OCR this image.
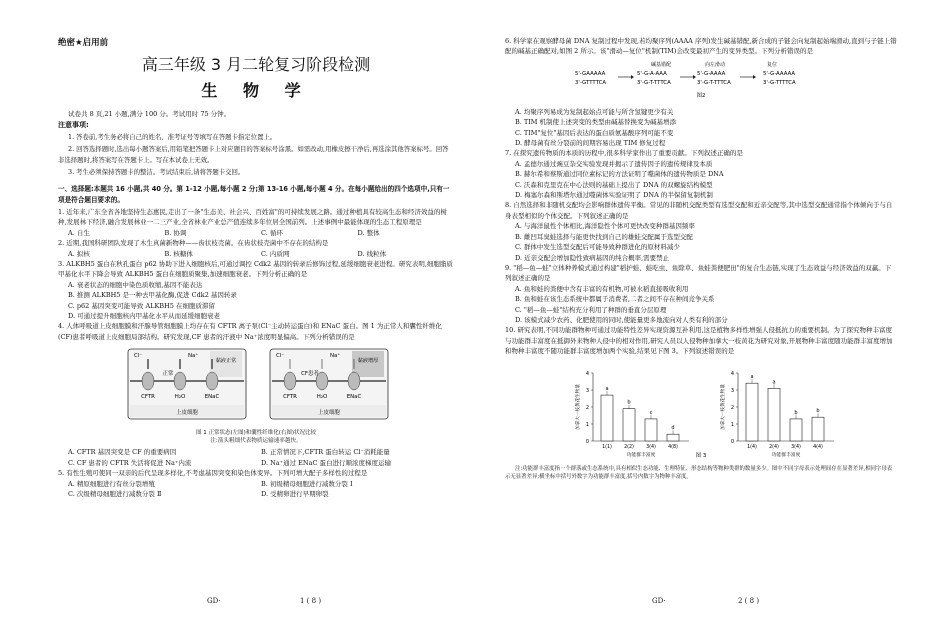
绝密★启用前

高三年级 3 月二轮复习阶段检测

生 物 学

试卷共 8 页,21 小题,满分 100 分。考试用时 75 分钟。

注意事项:

1. 答卷前,考生务必将自己的姓名、准考证号等填写在答题卡指定位置上。

2. 回答选择题时,选出每小题答案后,用铅笔把答题卡上对应题目的答案标号涂黑。如需改动,用橡皮擦干净后,再选涂其他答案标号。回答非选择题时,将答案写在答题卡上。写在本试卷上无效。

3. 考生必须保持答题卡的整洁。考试结束后,请将答题卡交回。

一、选择题:本题共 16 小题,共 40 分。第 1-12 小题,每小题 2 分;第 13-16 小题,每小题 4 分。在每小题给出的四个选项中,只有一项是符合题目要求的。

1. 近年来,广东全省各地坚持生态惠民,走出了一条"生态美、社会兴、百姓富"的可持续发展之路。通过种植具有较高生态和经济效益的树种,发展林下经济,融合发展林业一二三产业,全省林业产业总产值连续多年位居全国前列。上述事例中最能体现的生态工程原理是

A. 自生	B. 协调	C. 循环	D. 整体

2. 近期,我国科研团队发现了木生真菌新物种——齿状枝壳菌。在齿状枝壳菌中不存在的结构是

A. 拟核	B. 核糖体	C. 内质网	D. 线粒体

3. ALKBH5 蛋白在秋孔蛋白 p62 协助下进入细胞核后,可通过调控 Cdk2 基因的转录后修饰过程,延缓细胞衰老进程。研究表明,细胞脂质甲基化水平下降会导致 ALKBH5 蛋白在细胞质聚集,加速细胞衰老。下列分析正确的是

A. 衰老状态的细胞中染色质收缩,基因不能表达
B. 推测 ALKBH5 是一种去甲基化酶,促进 Cdk2 基因转录
C. p62 基因突变可能导致 ALKBH5 在细胞质滞留
D. 可通过提升细胞核内甲基化水平从而延缓细胞衰老

4. 人体呼吸道上皮细胞膜和汗腺导管细胞膜上均存在有 CFTR 离子泵(Cl⁻主动转运蛋白)和 ENaC 蛋白。图 1 为正常人和囊性纤维化(CF)患者呼吸道上皮细胞局部结构。研究发现,CF 患者的汗液中 Na⁺浓度明显偏高。下列分析错误的是

黏液正常
CFTR	H₂O	ENaC
Cl⁻	Na⁺
上皮细胞
正常
黏液增厚
CFTR	H₂O	ENaC
Cl⁻	Na⁺
上皮细胞
CF患者

图 1 正常状态(左图)和囊性纤维化(右图)状况比较

注:箭头粗细代表物质运输速率越快。

A. CFTR 基因突变是 CF 的重要病因	B. 正常情况下,CFTR 蛋白转运 Cl⁻消耗能量
C. CF 患者的 CFTR 失活将促进 Na⁺内流	D. Na⁺通过 ENaC 蛋白进行顺浓度梯度运输

5. 有性生殖可使同一双亲的后代呈现多样化,不考虑基因突变和染色体变异。下列可增大配子多样性的过程是

A. 精原细胞进行有丝分裂增殖	B. 初级精母细胞进行减数分裂 Ⅰ
C. 次级精母细胞进行减数分裂 Ⅱ	D. 受精卵进行早期卵裂

6. 科学家在观察酵母菌 DNA 复制过程中发现,若均聚序列(AAAA 序列)发生碱基错配,新合成的子链会向复制起始端滑动,直到与子链上错配的碱基正确配对,如图 2 所示。该"滑动—复位"机制(TIM)会改变最初产生的变异类型。下列分析错误的是

5'-GAAAAA
3'-GTTTTCA
5'-G-A-AAA
3'-G-T-TTTCA
5'-G-AAAA
3'-G-T-TTTCA
5'-G-AAAAA
3'-G-TTTTCA
碱基错配	向左滑动	复位
图2
A. 均聚序列易成为复制起始点可能与所含氢键更少有关
B. TIM 机制使上述突变的类型由碱基替换变为碱基增添
C. TIM"复位"基因后表达的蛋白质氨基酸序列可能不变
D. 酵母菌有丝分裂前的间期容易出现 TIM 修复过程

7. 在探究遗传物质的本质的历程中,很多科学家作出了重要贡献。下列叙述正确的是

A. 孟德尔通过豌豆杂交实验发现并揭示了遗传因子的遗传规律及本质
B. 赫尔希和蔡斯通过同位素标记的方法证明了噬菌体的遗传物质是 DNA
C. 沃森和克里克在中心法则的基础上提出了 DNA 的双螺旋结构模型
D. 梅塞尔森和斯塔尔通过噬菌体实验证明了 DNA 的半保留复制机制

8. 自然选择和非随机交配均会影响群体遗传平衡。常见的非随机交配类型有选型交配和近亲交配等,其中选型交配通常指个体倾向于与自身表型相似的个体交配。下列叙述正确的是

A. 与海洋鼠性个体相比,海洋隐性个体可更快改变种群基因频率
B. 雌凹耳臭蛙选择与能更快找到自己的雄蛙交配属于选型交配
C. 群体中发生选型交配后可能导致种群进化的原材料减少
D. 近亲交配会增加隐性致病基因的纯合概率,需要禁止

9. "稻—鱼—蛙"立体种养模式通过构建"稻护蛙、蛙吃虫、鱼除草、鱼蛙粪便肥田"的复合生态链,实现了生态效益与经济效益的双赢。下列叙述正确的是

A. 鱼和蛙的粪便中含有丰富的有机物,可被水稻直接吸收利用
B. 鱼和蛙在该生态系统中都属于消费者,二者之间不存在种间竞争关系
C. "稻—鱼—蛙"结构充分利用了种群的垂直分层原理
D. 该模式减少农药、化肥使用的同时,使能量更多地流向对人类有利的部分

10. 研究表明,不同功能群物种可通过功能特性差异实现资源互补利用,这是植物多样性增强人侵抵抗力的重要机制。为了探究物种丰富度与功能群丰富度在抵御外来物种人侵中的相对作用,研究人员以人侵物种加拿大一枝黄花为研究对象,开展物种丰富度随功能群丰富度增加和物种丰富度不随功能群丰富度增加两个实验,结果见下图 3。下列叙述错误的是

0
1
2
3
4
加拿大一枝黄花生物量	a
1(1)
b
2(2)
c
3(4)
d
4(8)
功能群丰富度
0
1
2
3
4
加拿大一枝黄花生物量
a
1(4)
a
2(4)
b
3(4)
b
4(4)
功能群丰富度
图 3

注:功能群丰富度指一个群落或生态系统中,具有相似生态功能、生理特征、形态结构等物种类群的数量多少。图中不同字母表示处理间存在显著差异,相同字母表示无显著差异;横坐标中括号外数字为功能群丰富度,括号内数字为物种丰富度。

GD·	1 ( 8 )	GD·	2 ( 8 )
